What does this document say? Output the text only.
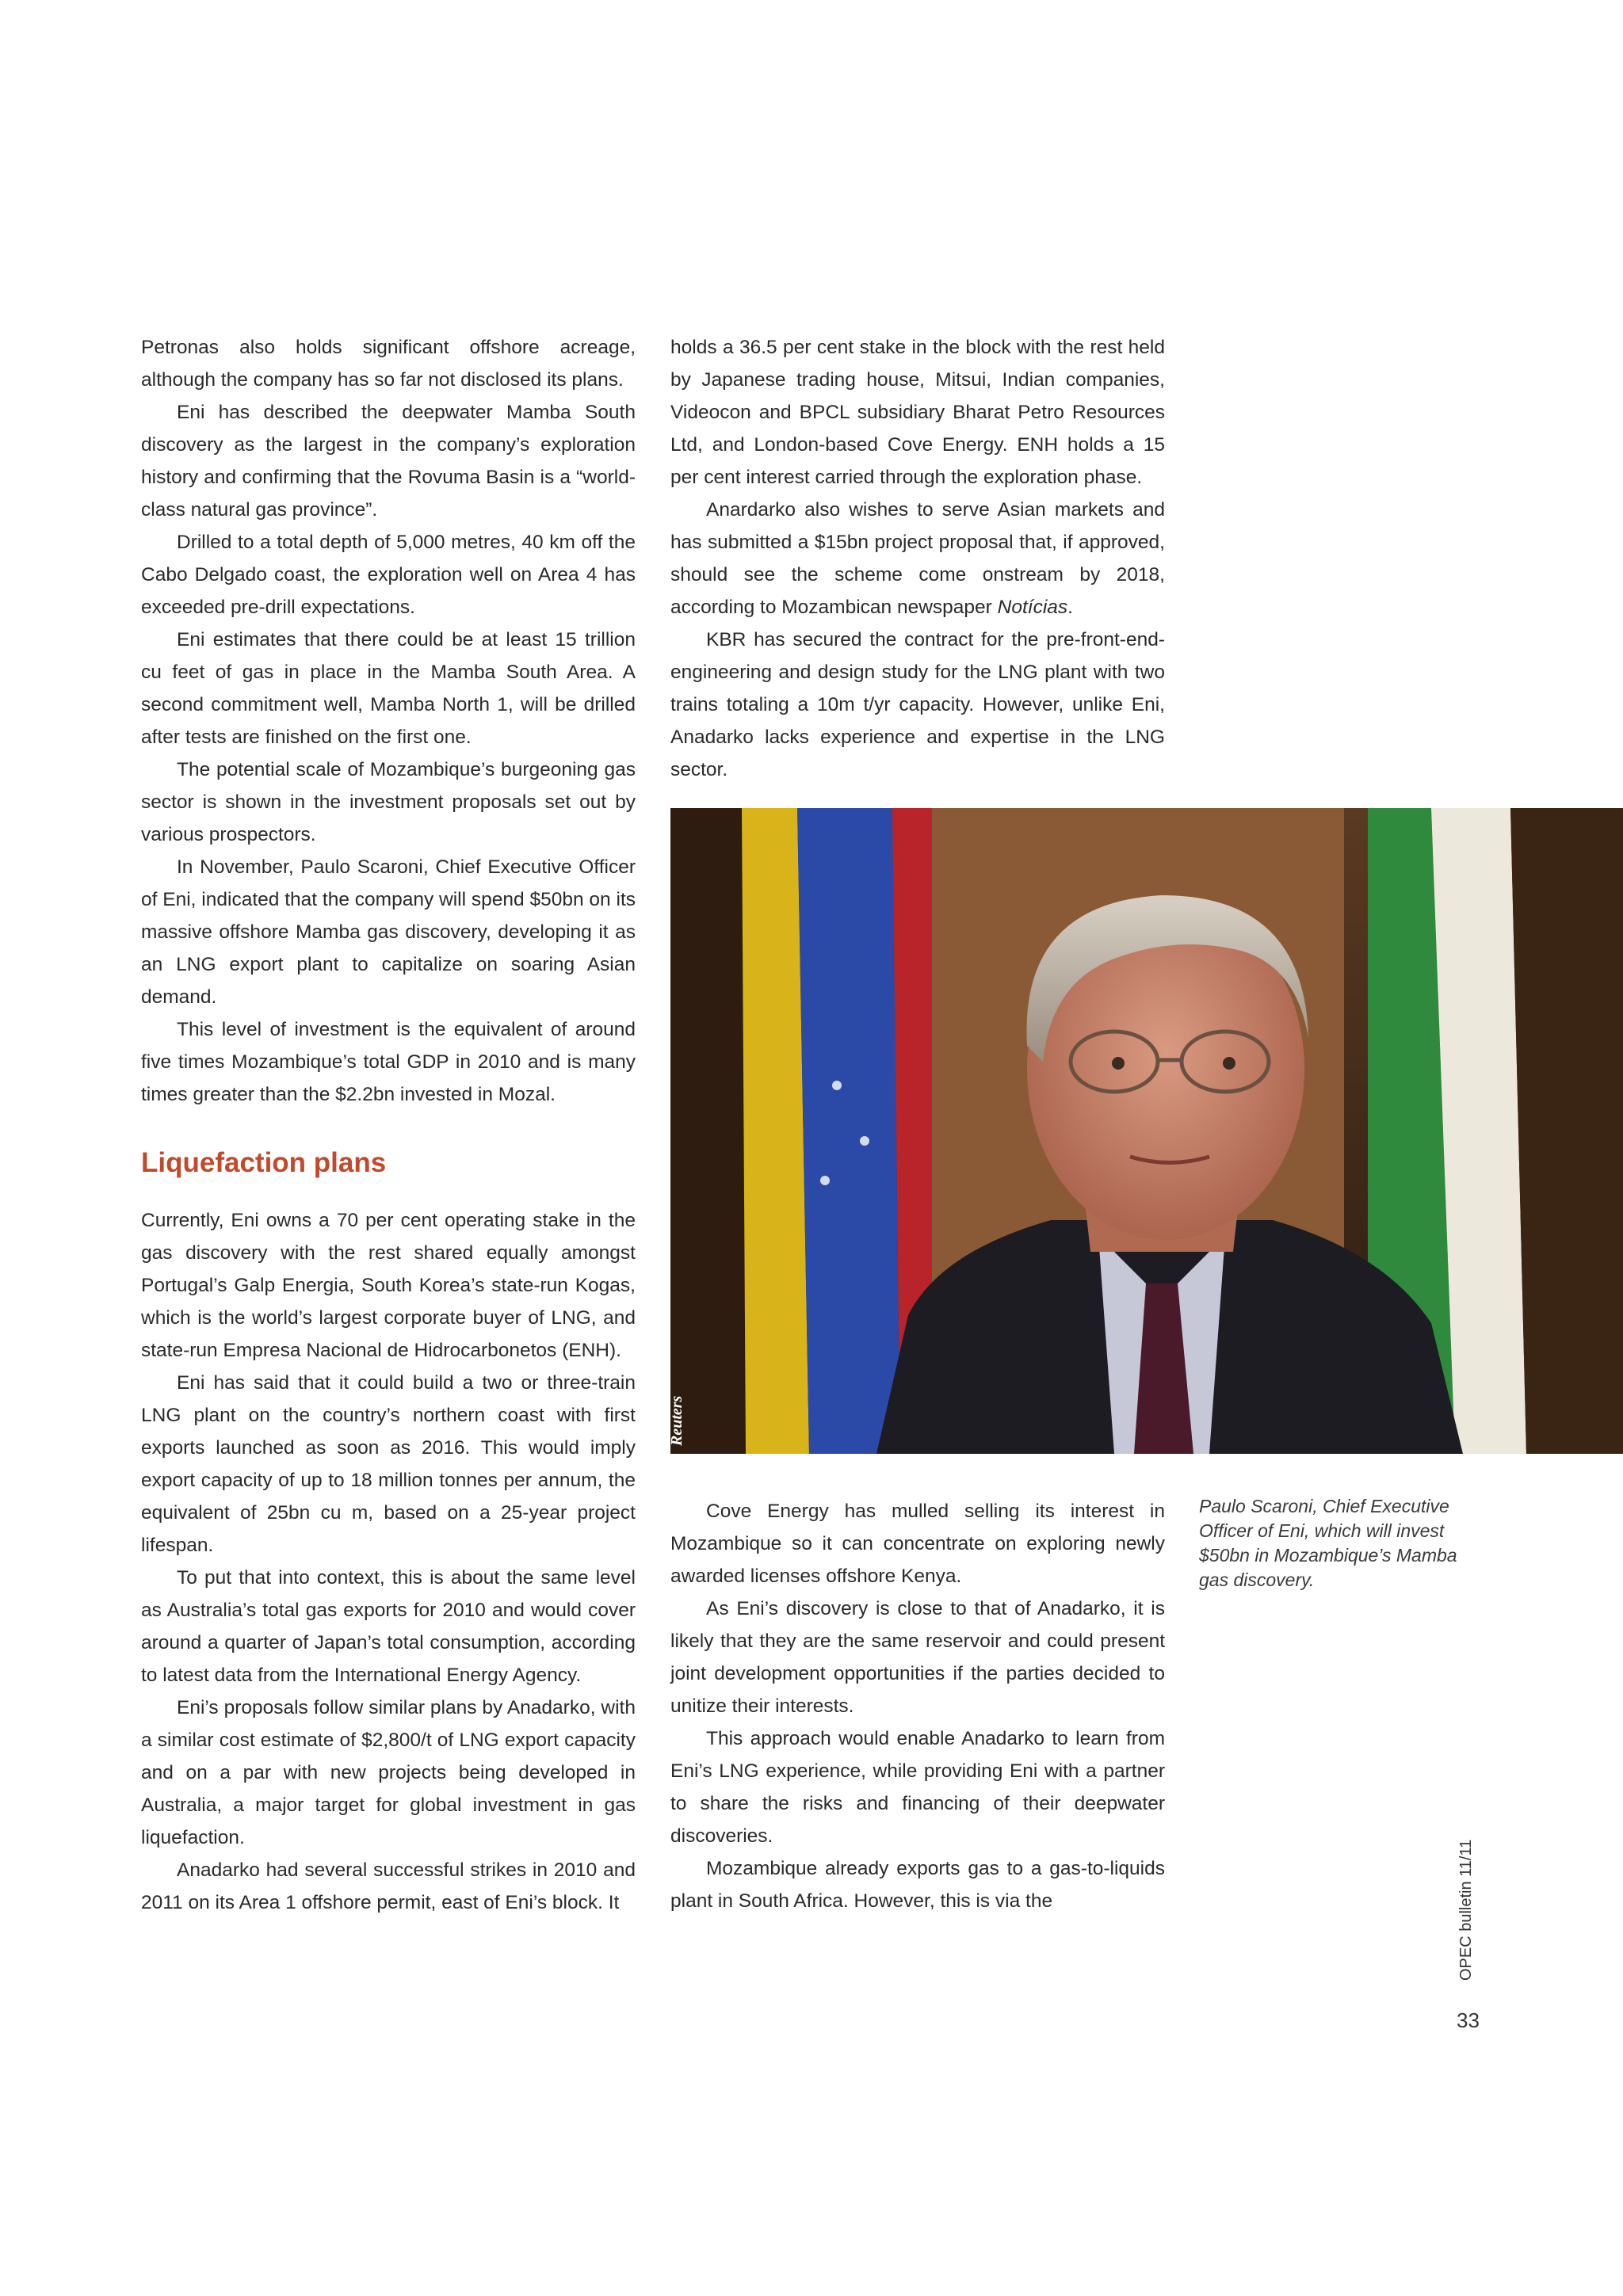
Petronas also holds significant offshore acreage, although the company has so far not disclosed its plans.

Eni has described the deepwater Mamba South discovery as the largest in the company’s exploration history and confirming that the Rovuma Basin is a “world-class natural gas province”.

Drilled to a total depth of 5,000 metres, 40 km off the Cabo Delgado coast, the exploration well on Area 4 has exceeded pre-drill expectations.

Eni estimates that there could be at least 15 trillion cu feet of gas in place in the Mamba South Area. A second commitment well, Mamba North 1, will be drilled after tests are finished on the first one.

The potential scale of Mozambique’s burgeoning gas sector is shown in the investment proposals set out by various prospectors.

In November, Paulo Scaroni, Chief Executive Officer of Eni, indicated that the company will spend $50bn on its massive offshore Mamba gas discovery, developing it as an LNG export plant to capitalize on soaring Asian demand.

This level of investment is the equivalent of around five times Mozambique’s total GDP in 2010 and is many times greater than the $2.2bn invested in Mozal.

Liquefaction plans

Currently, Eni owns a 70 per cent operating stake in the gas discovery with the rest shared equally amongst Portugal’s Galp Energia, South Korea’s state-run Kogas, which is the world’s largest corporate buyer of LNG, and state-run Empresa Nacional de Hidrocarbonetos (ENH).

Eni has said that it could build a two or three-train LNG plant on the country’s northern coast with first exports launched as soon as 2016. This would imply export capacity of up to 18 million tonnes per annum, the equivalent of 25bn cu m, based on a 25-year project lifespan.

To put that into context, this is about the same level as Australia’s total gas exports for 2010 and would cover around a quarter of Japan’s total consumption, according to latest data from the International Energy Agency.

Eni’s proposals follow similar plans by Anadarko, with a similar cost estimate of $2,800/t of LNG export capacity and on a par with new projects being developed in Australia, a major target for global investment in gas liquefaction.

Anadarko had several successful strikes in 2010 and 2011 on its Area 1 offshore permit, east of Eni’s block. It

holds a 36.5 per cent stake in the block with the rest held by Japanese trading house, Mitsui, Indian companies, Videocon and BPCL subsidiary Bharat Petro Resources Ltd, and London-based Cove Energy. ENH holds a 15 per cent interest carried through the exploration phase.

Anardarko also wishes to serve Asian markets and has submitted a $15bn project proposal that, if approved, should see the scheme come onstream by 2018, according to Mozambican newspaper Notícias.

KBR has secured the contract for the pre-front-end-engineering and design study for the LNG plant with two trains totaling a 10m t/yr capacity. However, unlike Eni, Anadarko lacks experience and expertise in the LNG sector.

Reuters
Paulo Scaroni, Chief Executive Officer of Eni, which will invest $50bn in Mozambique’s Mamba gas discovery.

Cove Energy has mulled selling its interest in Mozambique so it can concentrate on exploring newly awarded licenses offshore Kenya.

As Eni’s discovery is close to that of Anadarko, it is likely that they are the same reservoir and could present joint development opportunities if the parties decided to unitize their interests.

This approach would enable Anadarko to learn from Eni’s LNG experience, while providing Eni with a partner to share the risks and financing of their deepwater discoveries.

Mozambique already exports gas to a gas-to-liquids plant in South Africa. However, this is via the	OPEC bulletin 11/11
33
